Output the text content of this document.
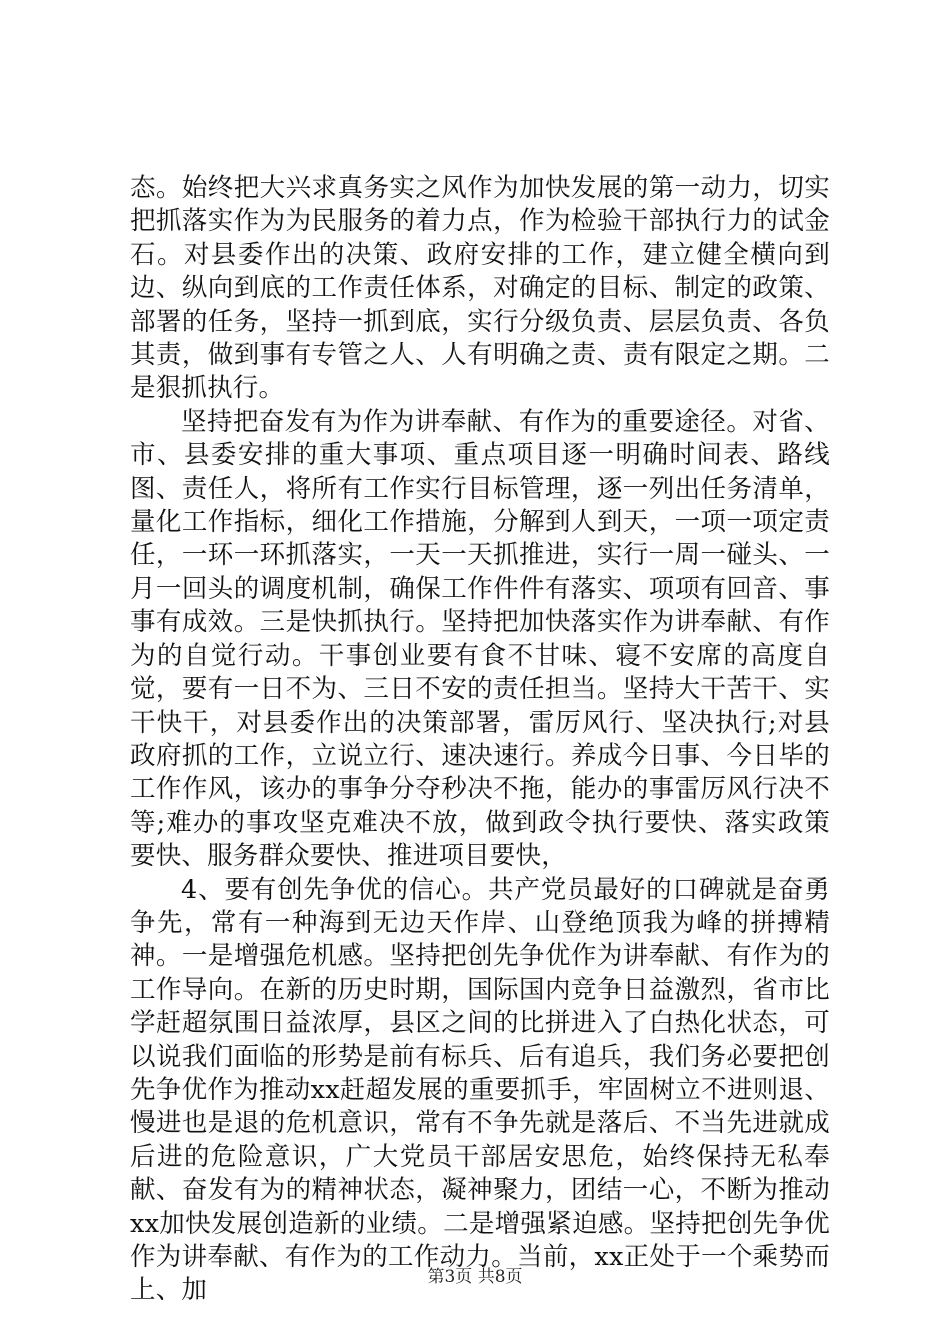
态。始终把大兴求真务实之风作为加快发展的第一动力，切实把抓落实作为为民服务的着力点，作为检验干部执行力的试金石。对县委作出的决策、政府安排的工作，建立健全横向到边、纵向到底的工作责任体系，对确定的目标、制定的政策、部署的任务，坚持一抓到底，实行分级负责、层层负责、各负其责，做到事有专管之人、人有明确之责、责有限定之期。二是狠抓执行。

坚持把奋发有为作为讲奉献、有作为的重要途径。对省、市、县委安排的重大事项、重点项目逐一明确时间表、路线图、责任人，将所有工作实行目标管理，逐一列出任务清单，量化工作指标，细化工作措施，分解到人到天，一项一项定责任，一环一环抓落实，一天一天抓推进，实行一周一碰头、一月一回头的调度机制，确保工作件件有落实、项项有回音、事事有成效。三是快抓执行。坚持把加快落实作为讲奉献、有作为的自觉行动。干事创业要有食不甘味、寝不安席的高度自觉，要有一日不为、三日不安的责任担当。坚持大干苦干、实干快干，对县委作出的决策部署，雷厉风行、坚决执行;对县政府抓的工作，立说立行、速决速行。养成今日事、今日毕的工作作风，该办的事争分夺秒决不拖，能办的事雷厉风行决不等;难办的事攻坚克难决不放，做到政令执行要快、落实政策要快、服务群众要快、推进项目要快，

4、要有创先争优的信心。共产党员最好的口碑就是奋勇争先，常有一种海到无边天作岸、山登绝顶我为峰的拼搏精神。一是增强危机感。坚持把创先争优作为讲奉献、有作为的工作导向。在新的历史时期，国际国内竞争日益激烈，省市比学赶超氛围日益浓厚，县区之间的比拼进入了白热化状态，可以说我们面临的形势是前有标兵、后有追兵，我们务必要把创先争优作为推动xx赶超发展的重要抓手，牢固树立不进则退、慢进也是退的危机意识，常有不争先就是落后、不当先进就成后进的危险意识，广大党员干部居安思危，始终保持无私奉献、奋发有为的精神状态，凝神聚力，团结一心，不断为推动xx加快发展创造新的业绩。二是增强紧迫感。坚持把创先争优作为讲奉献、有作为的工作动力。当前，xx正处于一个乘势而上、加	第3页 共8页
